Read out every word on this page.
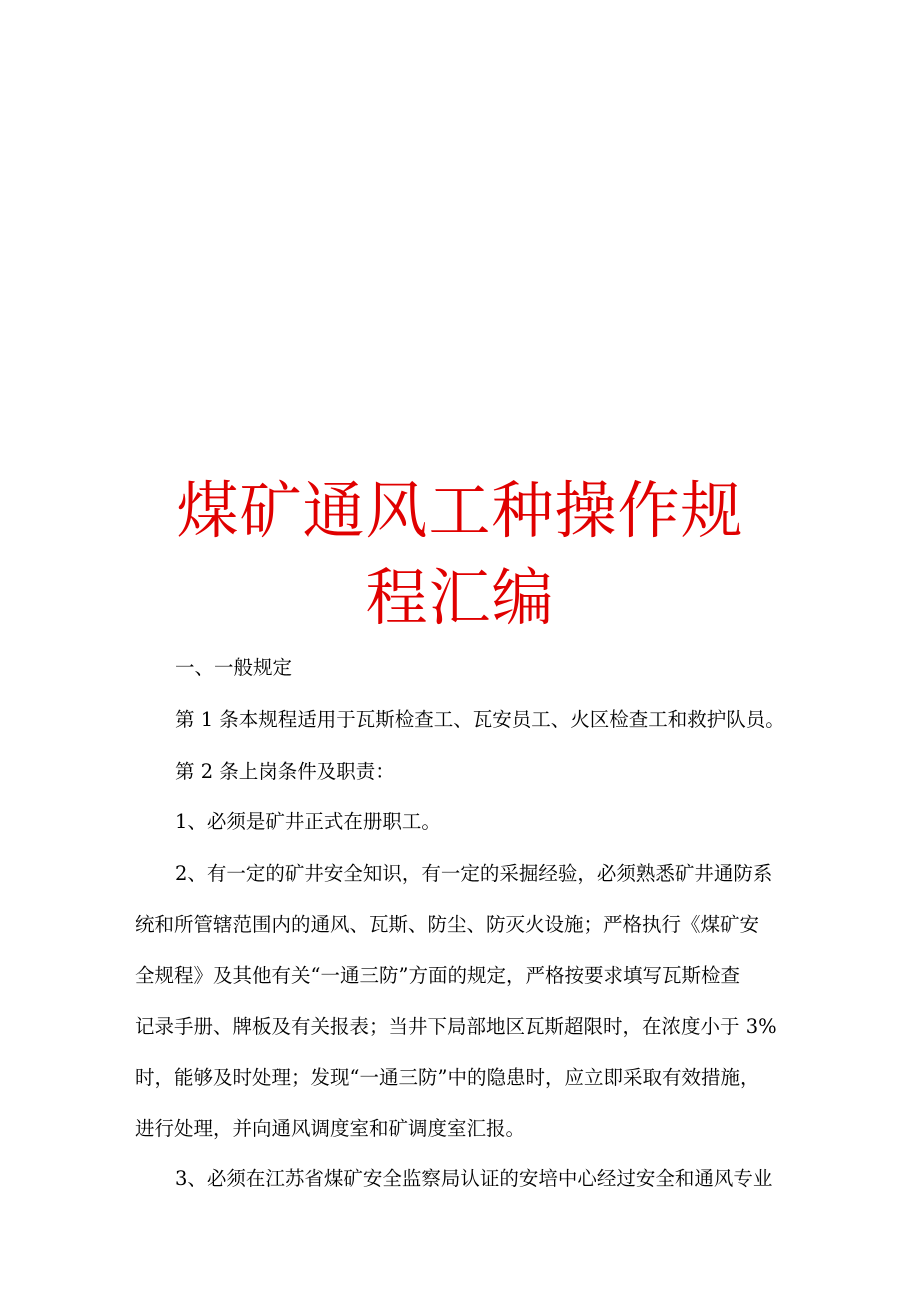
煤矿通风工种操作规
程汇编

一、一般规定

第 1 条本规程适用于瓦斯检查工、瓦安员工、火区检查工和救护队员。

第 2 条上岗条件及职责：

1、必须是矿井正式在册职工。

2、有一定的矿井安全知识，有一定的采掘经验，必须熟悉矿井通防系

统和所管辖范围内的通风、瓦斯、防尘、防灭火设施；严格执行《煤矿安

全规程》及其他有关“一通三防”方面的规定，严格按要求填写瓦斯检查

记录手册、牌板及有关报表；当井下局部地区瓦斯超限时，在浓度小于 3%

时，能够及时处理；发现“一通三防”中的隐患时，应立即采取有效措施，

进行处理，并向通风调度室和矿调度室汇报。

3、必须在江苏省煤矿安全监察局认证的安培中心经过安全和通风专业
